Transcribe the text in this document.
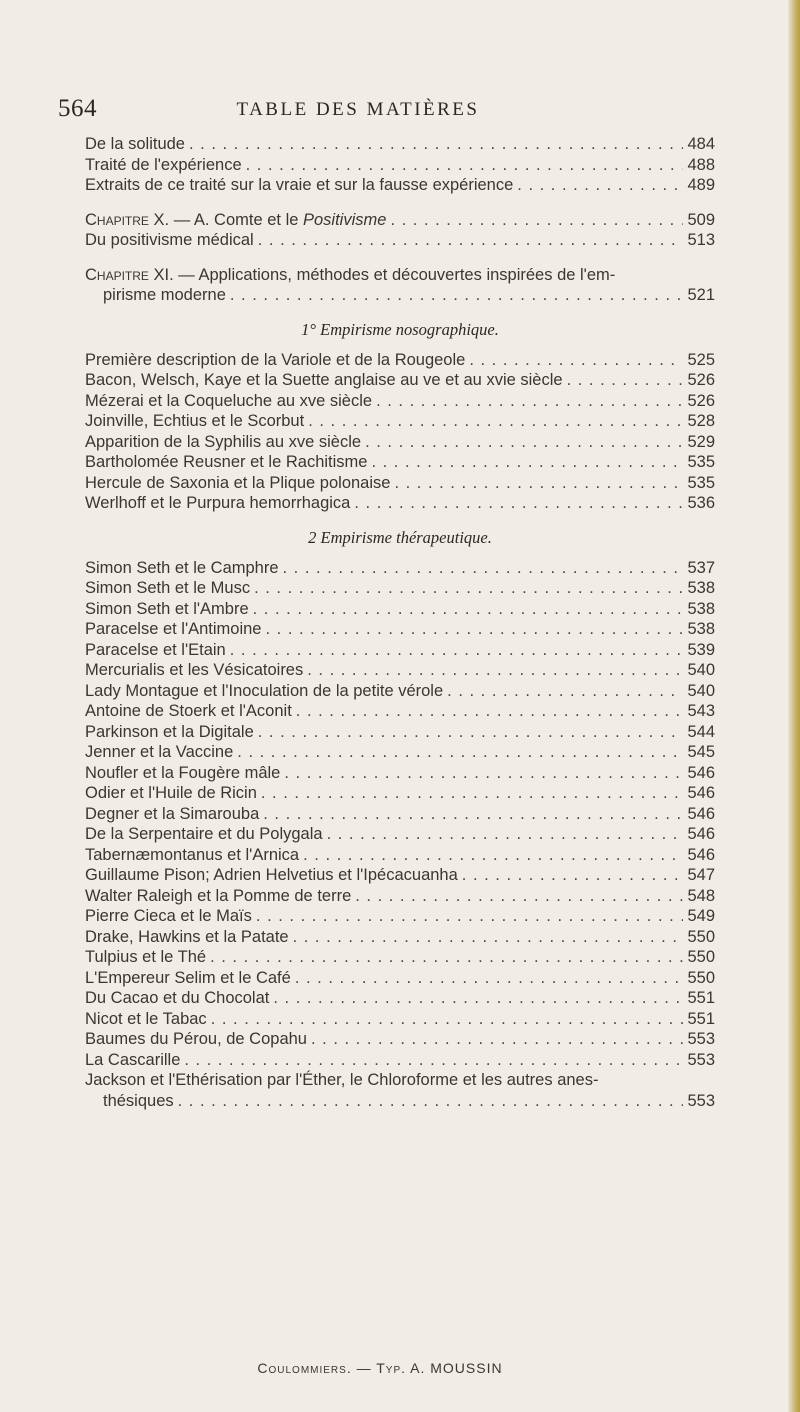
564	TABLE DES MATIÈRES
De la solitude . . .	484
Traité de l'expérience . . .	488
Extraits de ce traité sur la vraie et sur la fausse expérience . . .	489
Chapitre X. — A. Comte et le Positivisme . . .	509
Du positivisme médical . . .	513
Chapitre XI. — Applications, méthodes et découvertes inspirées de l'em-
pirisme moderne . . .	521
1° Empirisme nosographique.
Première description de la Variole et de la Rougeole . . .	525
Bacon, Welsch, Kaye et la Suette anglaise au ve et au xvie siècle . . .	526
Mézerai et la Coqueluche au xve siècle . . .	526
Joinville, Echtius et le Scorbut . . .	528
Apparition de la Syphilis au xve siècle . . .	529
Bartholomée Reusner et le Rachitisme . . .	535
Hercule de Saxonia et la Plique polonaise . . .	535
Werlhoff et le Purpura hemorrhagica . . .	536
2 Empirisme thérapeutique.
Simon Seth et le Camphre . . .	537
Simon Seth et le Musc . . .	538
Simon Seth et l'Ambre . . .	538
Paracelse et l'Antimoine . . .	538
Paracelse et l'Etain . . .	539
Mercurialis et les Vésicatoires . . .	540
Lady Montague et l'Inoculation de la petite vérole . . .	540
Antoine de Stoerk et l'Aconit . . .	543
Parkinson et la Digitale . . .	544
Jenner et la Vaccine . . .	545
Noufler et la Fougère mâle . . .	546
Odier et l'Huile de Ricin . . .	546
Degner et la Simarouba . . .	546
De la Serpentaire et du Polygala . . .	546
Tabernæmontanus et l'Arnica . . .	546
Guillaume Pison; Adrien Helvetius et l'Ipécacuanha . . .	547
Walter Raleigh et la Pomme de terre . . .	548
Pierre Cieca et le Maïs . . .	549
Drake, Hawkins et la Patate . . .	550
Tulpius et le Thé . . .	550
L'Empereur Selim et le Café . . .	550
Du Cacao et du Chocolat . . .	551
Nicot et le Tabac . . .	551
Baumes du Pérou, de Copahu . . .	553
La Cascarille . . .	553
Jackson et l'Ethérisation par l'Éther, le Chloroforme et les autres anes-
thésiques . . .	553
Coulommiers. — Typ. A. MOUSSIN
